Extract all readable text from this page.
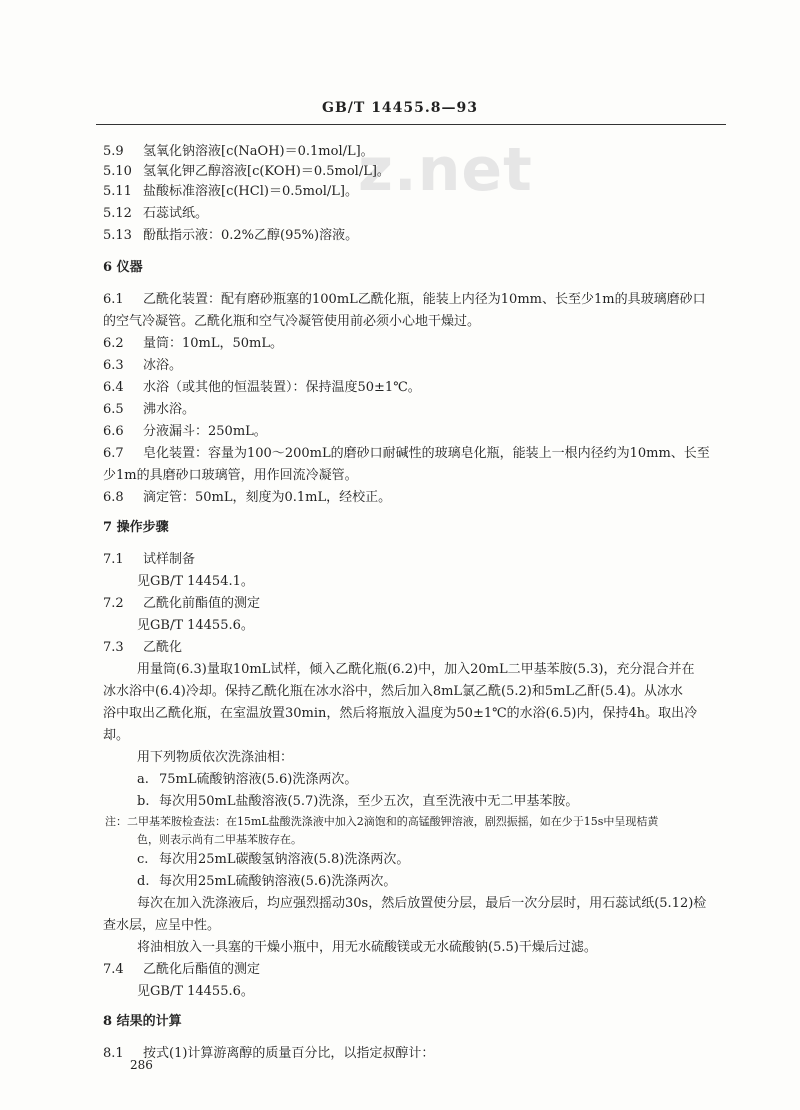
GB/T 14455.8—93
z.net
5.9 氢氧化钠溶液[c(NaOH)＝0.1mol/L]。
5.10 氢氧化钾乙醇溶液[c(KOH)＝0.5mol/L]。
5.11 盐酸标准溶液[c(HCl)＝0.5mol/L]。
5.12 石蕊试纸。
5.13 酚酞指示液：0.2%乙醇(95%)溶液。
6.1 乙酰化装置：配有磨砂瓶塞的100mL乙酰化瓶，能装上内径为10mm、长至少1m的具玻璃磨砂口
的空气冷凝管。乙酰化瓶和空气冷凝管使用前必须小心地干燥过。
6.2 量筒：10mL，50mL。
6.3 冰浴。
6.4 水浴（或其他的恒温装置）：保持温度50±1℃。
6.5 沸水浴。
6.6 分液漏斗：250mL。
6.7 皂化装置：容量为100～200mL的磨砂口耐碱性的玻璃皂化瓶，能装上一根内径约为10mm、长至
少1m的具磨砂口玻璃管，用作回流冷凝管。
6.8 滴定管：50mL，刻度为0.1mL，经校正。
7.1 试样制备
见GB/T 14454.1。
7.2 乙酰化前酯值的测定
见GB/T 14455.6。
7.3 乙酰化
用量筒(6.3)量取10mL试样，倾入乙酰化瓶(6.2)中，加入20mL二甲基苯胺(5.3)，充分混合并在
冰水浴中(6.4)冷却。保持乙酰化瓶在冰水浴中，然后加入8mL氯乙酰(5.2)和5mL乙酐(5.4)。从冰水
浴中取出乙酰化瓶，在室温放置30min，然后将瓶放入温度为50±1℃的水浴(6.5)内，保持4h。取出冷
却。
用下列物质依次洗涤油相：
a. 75mL硫酸钠溶液(5.6)洗涤两次。
b. 每次用50mL盐酸溶液(5.7)洗涤，至少五次，直至洗液中无二甲基苯胺。
c. 每次用25mL碳酸氢钠溶液(5.8)洗涤两次。
d. 每次用25mL硫酸钠溶液(5.6)洗涤两次。
每次在加入洗涤液后，均应强烈摇动30s，然后放置使分层，最后一次分层时，用石蕊试纸(5.12)检
查水层，应呈中性。
将油相放入一具塞的干燥小瓶中，用无水硫酸镁或无水硫酸钠(5.5)干燥后过滤。
7.4 乙酰化后酯值的测定
见GB/T 14455.6。
8.1 按式(1)计算游离醇的质量百分比，以指定叔醇计：
6 仪器
7 操作步骤
8 结果的计算
注：二甲基苯胺检查法：在15mL盐酸洗涤液中加入2滴饱和的高锰酸钾溶液，剧烈振摇，如在少于15s中呈现桔黄
色，则表示尚有二甲基苯胺存在。
286
